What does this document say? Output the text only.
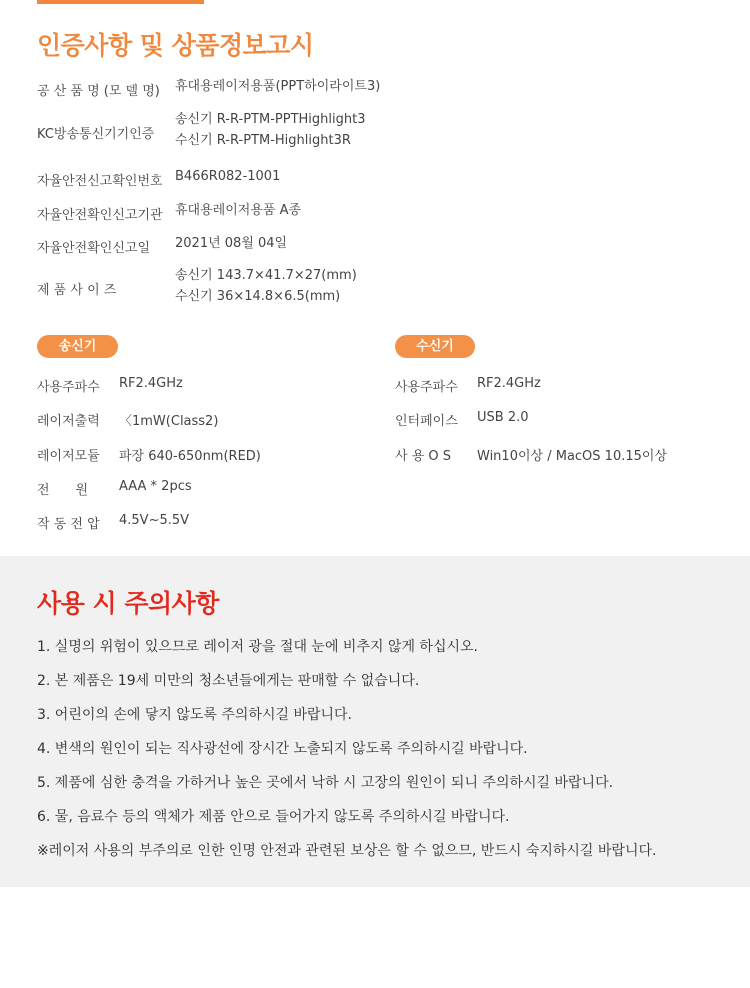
인증사항 및 상품정보고시
공 산 품 명 (모 델 명) 휴대용레이저용품(PPT하이라이트3)
KC방송통신기기인증
송신기 R-R-PTM-PPTHighlight3
수신기 R-R-PTM-Highlight3R
자율안전신고확인번호 B466R082-1001
자율안전확인신고기관 휴대용레이저용품 A종
자율안전확인신고일 2021년 08월 04일
제 품 사 이 즈
송신기 143.7×41.7×27(mm)
수신기 36×14.8×6.5(mm)
송신기
사용주파수 RF2.4GHz
레이저출력 〈1mW(Class2)
레이저모듈 파장 640-650nm(RED)
전　　원 AAA * 2pcs
작 동 전 압 4.5V~5.5V
수신기
사용주파수 RF2.4GHz
인터페이스 USB 2.0
사 용 O S Win10이상 / MacOS 10.15이상
사용 시 주의사항

1. 실명의 위험이 있으므로 레이저 광을 절대 눈에 비추지 않게 하십시오.

2. 본 제품은 19세 미만의 청소년들에게는 판매할 수 없습니다.

3. 어린이의 손에 닿지 않도록 주의하시길 바랍니다.

4. 변색의 원인이 되는 직사광선에 장시간 노출되지 않도록 주의하시길 바랍니다.

5. 제품에 심한 충격을 가하거나 높은 곳에서 낙하 시 고장의 원인이 되니 주의하시길 바랍니다.

6. 물, 음료수 등의 액체가 제품 안으로 들어가지 않도록 주의하시길 바랍니다.

※레이저 사용의 부주의로 인한 인명 안전과 관련된 보상은 할 수 없으므, 반드시 숙지하시길 바랍니다.
